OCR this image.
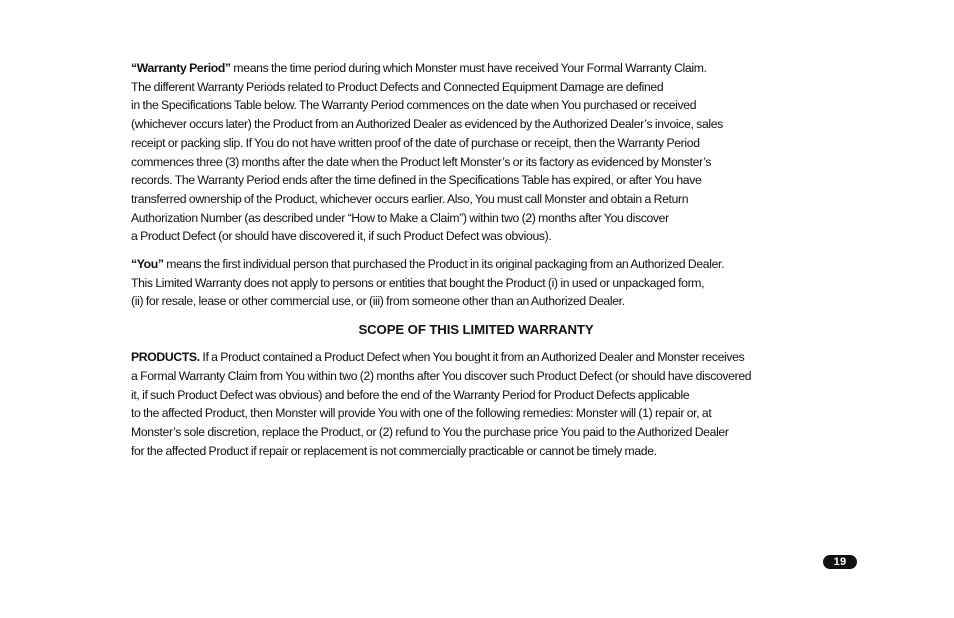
“Warranty Period” means the time period during which Monster must have received Your Formal Warranty Claim.
The different Warranty Periods related to Product Defects and Connected Equipment Damage are defined
in the Specifications Table below. The Warranty Period commences on the date when You purchased or received
(whichever occurs later) the Product from an Authorized Dealer as evidenced by the Authorized Dealer’s invoice, sales
receipt or packing slip. If You do not have written proof of the date of purchase or receipt, then the Warranty Period
commences three (3) months after the date when the Product left Monster’s or its factory as evidenced by Monster’s
records. The Warranty Period ends after the time defined in the Specifications Table has expired, or after You have
transferred ownership of the Product, whichever occurs earlier. Also, You must call Monster and obtain a Return
Authorization Number (as described under “How to Make a Claim”) within two (2) months after You discover
a Product Defect (or should have discovered it, if such Product Defect was obvious).

“You” means the first individual person that purchased the Product in its original packaging from an Authorized Dealer.
This Limited Warranty does not apply to persons or entities that bought the Product (i) in used or unpackaged form,
(ii) for resale, lease or other commercial use, or (iii) from someone other than an Authorized Dealer.

SCOPE OF THIS LIMITED WARRANTY

PRODUCTS. If a Product contained a Product Defect when You bought it from an Authorized Dealer and Monster receives
a Formal Warranty Claim from You within two (2) months after You discover such Product Defect (or should have discovered
it, if such Product Defect was obvious) and before the end of the Warranty Period for Product Defects applicable
to the affected Product, then Monster will provide You with one of the following remedies: Monster will (1) repair or, at
Monster’s sole discretion, replace the Product, or (2) refund to You the purchase price You paid to the Authorized Dealer
for the affected Product if repair or replacement is not commercially practicable or cannot be timely made.

19
